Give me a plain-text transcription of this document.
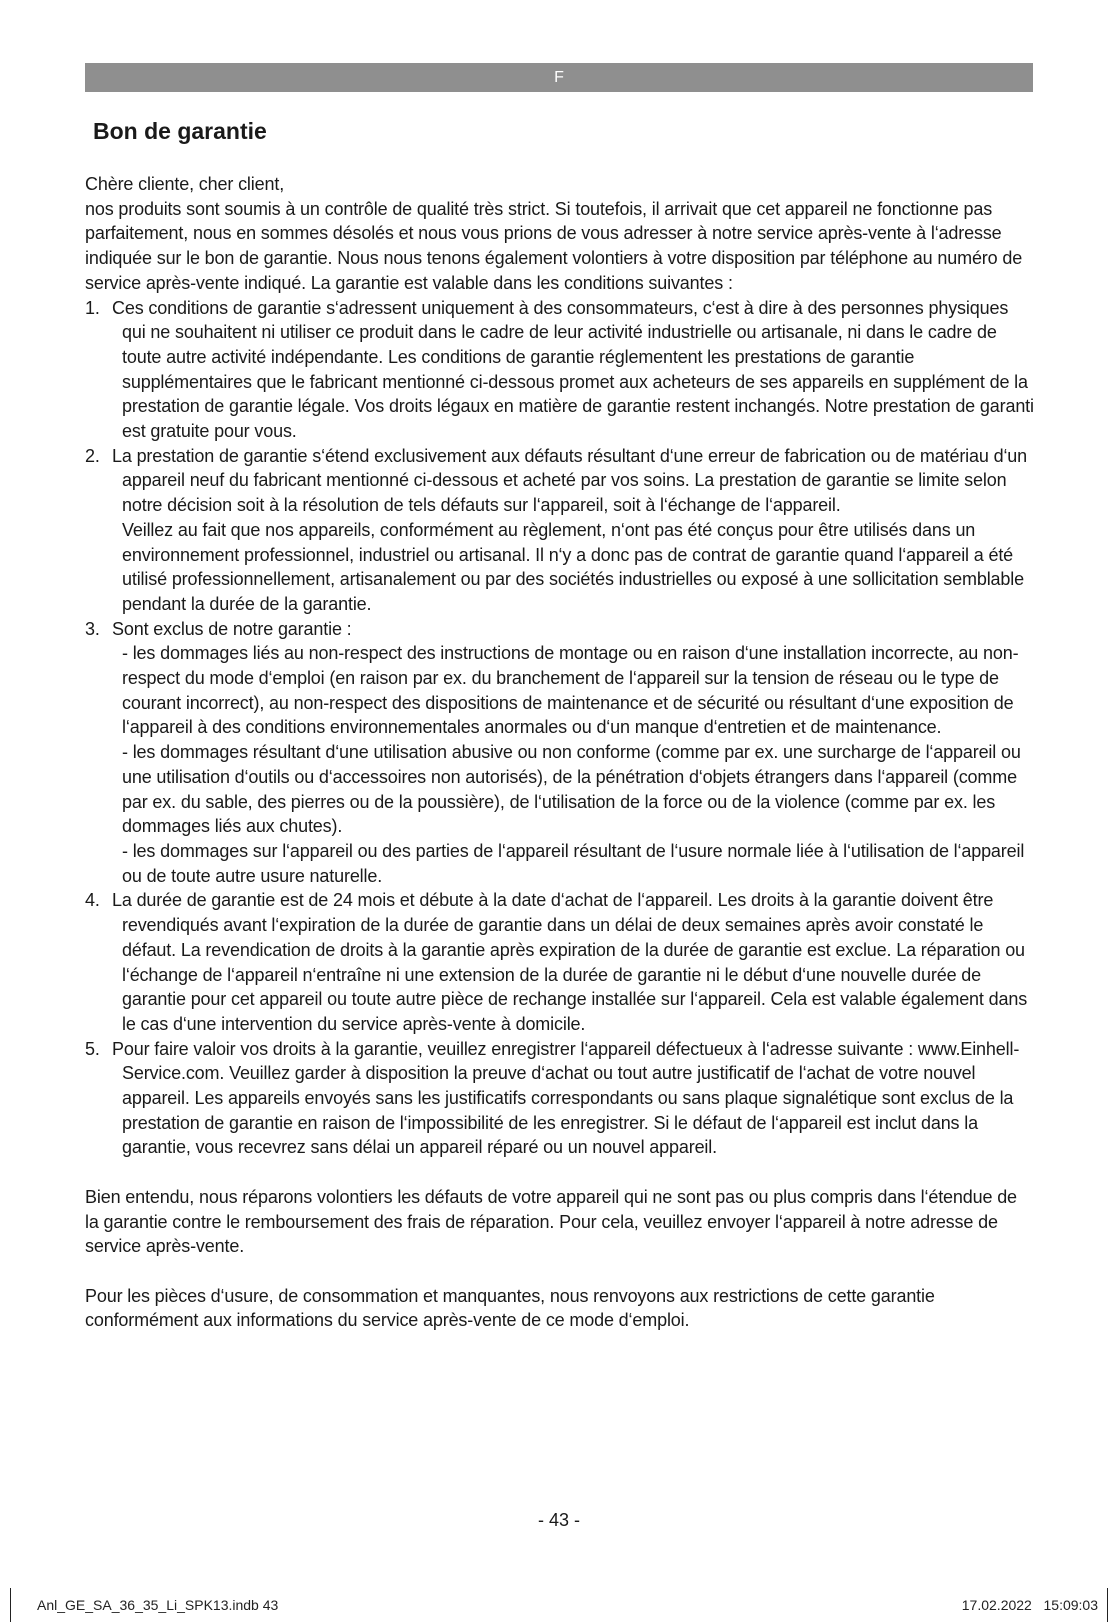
F
Bon de garantie

Chère cliente, cher client,

nos produits sont soumis à un contrôle de qualité très strict. Si toutefois, il arrivait que cet appareil ne fonctionne pas parfaitement, nous en sommes désolés et nous vous prions de vous adresser à notre service après-vente à l‘adresse indiquée sur le bon de garantie. Nous nous tenons également volontiers à votre disposition par téléphone au numéro de service après-vente indiqué. La garantie est valable dans les conditions suivantes :

1. Ces conditions de garantie s‘adressent uniquement à des consommateurs, c‘est à dire à des personnes physiques qui ne souhaitent ni utiliser ce produit dans le cadre de leur activité industrielle ou artisanale, ni dans le cadre de toute autre activité indépendante. Les conditions de garantie réglementent les prestations de garantie supplémentaires que le fabricant mentionné ci-dessous promet aux acheteurs de ses appareils en supplément de la prestation de garantie légale. Vos droits légaux en matière de garantie restent inchangés. Notre prestation de garanti est gratuite pour vous.
2. La prestation de garantie s‘étend exclusivement aux défauts résultant d‘une erreur de fabrication ou de matériau d‘un appareil neuf du fabricant mentionné ci-dessous et acheté par vos soins. La prestation de garantie se limite selon notre décision soit à la résolution de tels défauts sur l‘appareil, soit à l‘échange de l‘appareil.
Veillez au fait que nos appareils, conformément au règlement, n‘ont pas été conçus pour être utilisés dans un environnement professionnel, industriel ou artisanal. Il n‘y a donc pas de contrat de garantie quand l‘appareil a été utilisé professionnellement, artisanalement ou par des sociétés industrielles ou exposé à une sollicitation semblable pendant la durée de la garantie.
3. Sont exclus de notre garantie :
- les dommages liés au non-respect des instructions de montage ou en raison d‘une installation incorrecte, au non-respect du mode d‘emploi (en raison par ex. du branchement de l‘appareil sur la tension de réseau ou le type de courant incorrect), au non-respect des dispositions de maintenance et de sécurité ou résultant d‘une exposition de l‘appareil à des conditions environnementales anormales ou d‘un manque d‘entretien et de maintenance.
- les dommages résultant d‘une utilisation abusive ou non conforme (comme par ex. une surcharge de l‘appareil ou une utilisation d‘outils ou d‘accessoires non autorisés), de la pénétration d‘objets étrangers dans l‘appareil (comme par ex. du sable, des pierres ou de la poussière), de l‘utilisation de la force ou de la violence (comme par ex. les dommages liés aux chutes).
- les dommages sur l‘appareil ou des parties de l‘appareil résultant de l‘usure normale liée à l‘utilisation de l‘appareil ou de toute autre usure naturelle.
4. La durée de garantie est de 24 mois et débute à la date d‘achat de l‘appareil. Les droits à la garantie doivent être revendiqués avant l‘expiration de la durée de garantie dans un délai de deux semaines après avoir constaté le défaut. La revendication de droits à la garantie après expiration de la durée de garantie est exclue. La réparation ou l‘échange de l‘appareil n‘entraîne ni une extension de la durée de garantie ni le début d‘une nouvelle durée de garantie pour cet appareil ou toute autre pièce de rechange installée sur l‘appareil. Cela est valable également dans le cas d‘une intervention du service après-vente à domicile.
5. Pour faire valoir vos droits à la garantie, veuillez enregistrer l‘appareil défectueux à l‘adresse suivante : www.Einhell-Service.com. Veuillez garder à disposition la preuve d‘achat ou tout autre justificatif de l‘achat de votre nouvel appareil. Les appareils envoyés sans les justificatifs correspondants ou sans plaque signalétique sont exclus de la prestation de garantie en raison de l‘impossibilité de les enregistrer. Si le défaut de l‘appareil est inclut dans la garantie, vous recevrez sans délai un appareil réparé ou un nouvel appareil.

Bien entendu, nous réparons volontiers les défauts de votre appareil qui ne sont pas ou plus compris dans l‘étendue de la garantie contre le remboursement des frais de réparation. Pour cela, veuillez envoyer l‘appareil à notre adresse de service après-vente.

Pour les pièces d‘usure, de consommation et manquantes, nous renvoyons aux restrictions de cette garantie conformément aux informations du service après-vente de ce mode d‘emploi.

- 43 -
Anl_GE_SA_36_35_Li_SPK13.indb 43	17.02.2022   15:09:03
